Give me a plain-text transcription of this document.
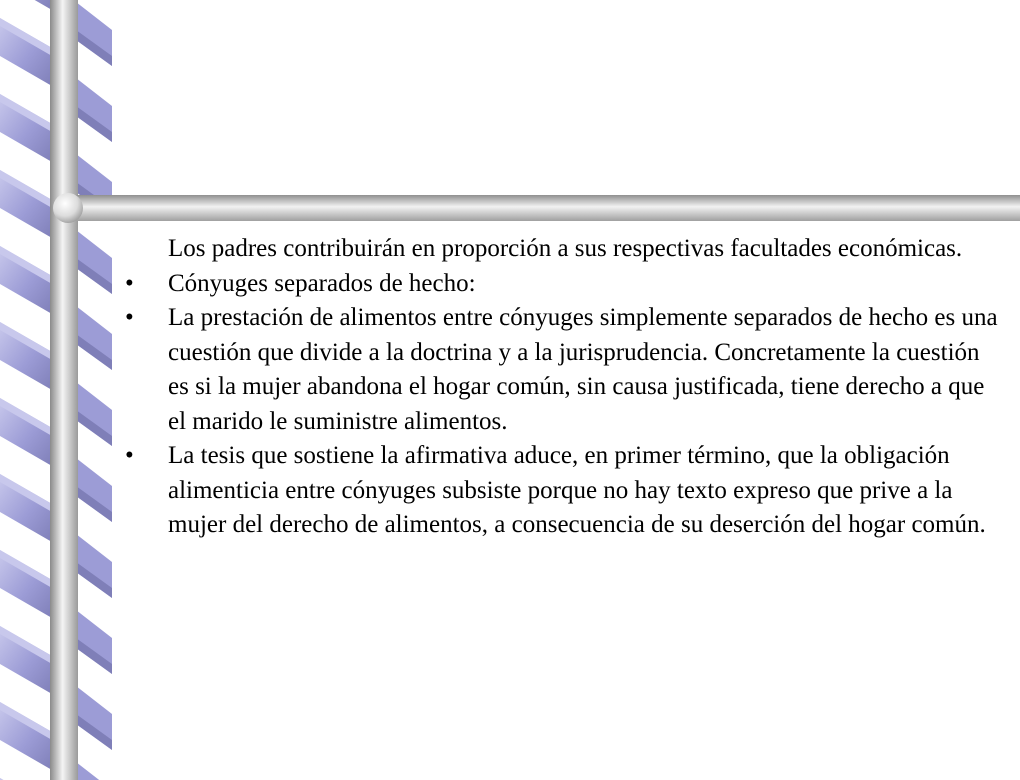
Los padres contribuirán en proporción a sus respectivas facultades económicas.

• Cónyuges separados de hecho:

• La prestación de alimentos entre cónyuges simplemente separados de hecho es una cuestión que divide a la doctrina y a la jurisprudencia. Concretamente la cuestión es si la mujer abandona el hogar común, sin causa justificada, tiene derecho a que el marido le suministre alimentos.

• La tesis que sostiene la afirmativa aduce, en primer término, que la obligación alimenticia entre cónyuges subsiste porque no hay texto expreso que prive a la mujer del derecho de alimentos, a consecuencia de su deserción del hogar común.
